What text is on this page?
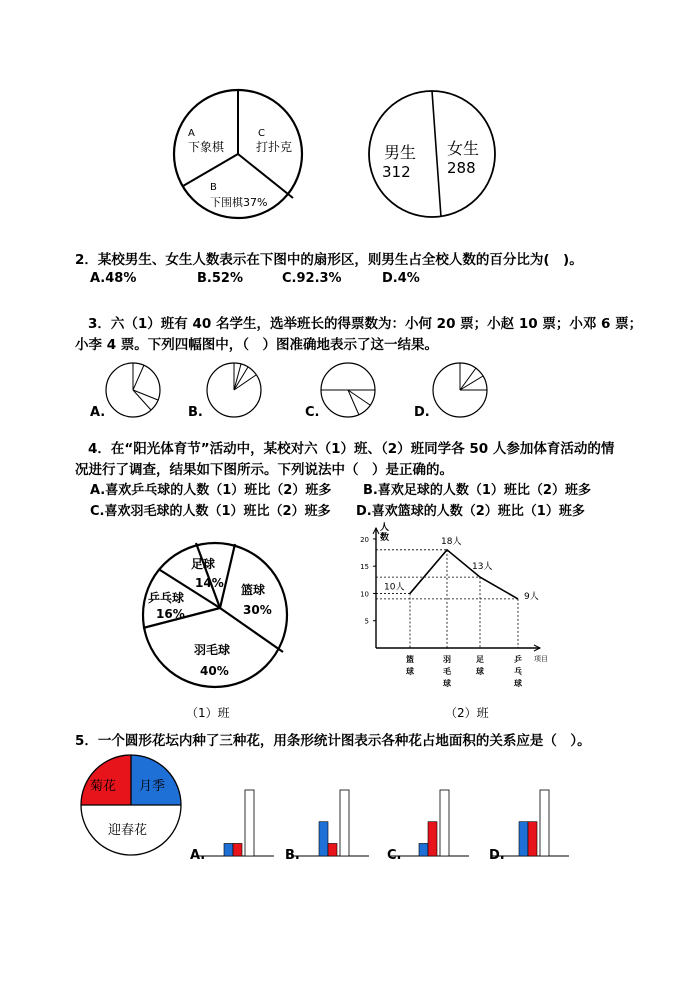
A
下象棋
C
打扑克
B
下围棋37%
男生
312
女生
288
2．某校男生、女生人数表示在下图中的扇形区，则男生占全校人数的百分比为(　)。
A.48%	B.52%	C.92.3%	D.4%
3．六（1）班有 40 名学生，选举班长的得票数为：小何 20 票；小赵 10 票；小邓 6 票；
小李 4 票。下列四幅图中，（　）图准确地表示了这一结果。
A.	B.	C.	D.
4．在“阳光体育节”活动中，某校对六（1）班、（2）班同学各 50 人参加体育活动的情
况进行了调查，结果如下图所示。下列说法中（　）是正确的。
A.喜欢乒乓球的人数（1）班比（2）班多 B.喜欢足球的人数（1）班比（2）班多
C.喜欢羽毛球的人数（1）班比（2）班多 D.喜欢篮球的人数（2）班比（1）班多
足球
14% 篮球
30%
乒乓球
16%
羽毛球
40%
（1）班
人
数
项目
5
10
15
20
10人
18人
13人
9人
篮
球
羽
毛
球
足
球
乒
乓
球
（2）班
5．一个圆形花坛内种了三种花，用条形统计图表示各种花占地面积的关系应是（　）。
菊花 月季
迎春花
A.	B.	C.	D.
